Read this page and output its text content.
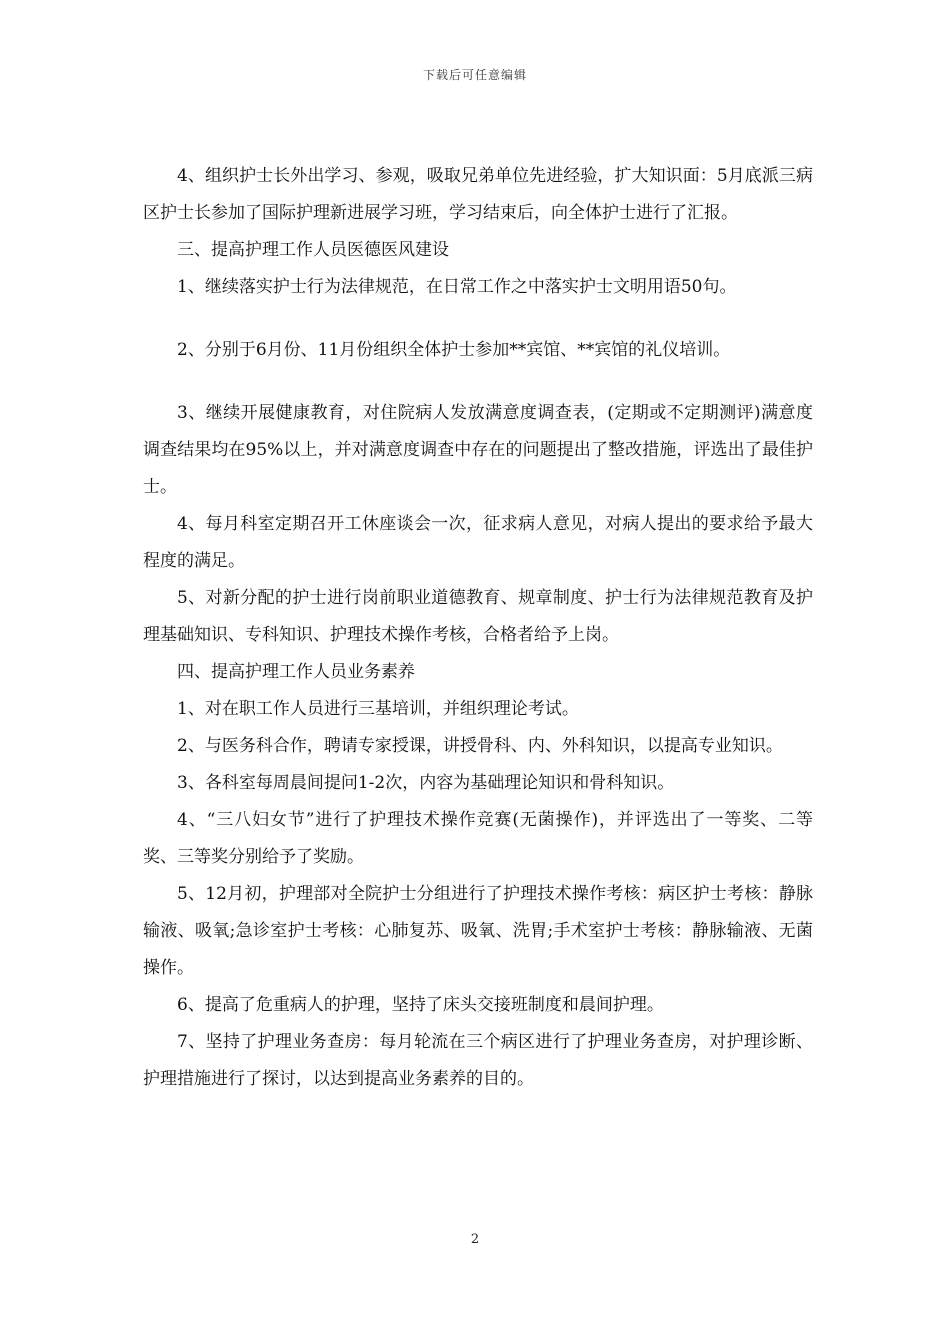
下载后可任意编辑

4、组织护士长外出学习、参观，吸取兄弟单位先进经验，扩大知识面：5月底派三病区护士长参加了国际护理新进展学习班，学习结束后，向全体护士进行了汇报。

三、提高护理工作人员医德医风建设

1、继续落实护士行为法律规范，在日常工作之中落实护士文明用语50句。

2、分别于6月份、11月份组织全体护士参加**宾馆、**宾馆的礼仪培训。

3、继续开展健康教育，对住院病人发放满意度调查表，(定期或不定期测评)满意度调查结果均在95%以上，并对满意度调查中存在的问题提出了整改措施，评选出了最佳护士。

4、每月科室定期召开工休座谈会一次，征求病人意见，对病人提出的要求给予最大程度的满足。

5、对新分配的护士进行岗前职业道德教育、规章制度、护士行为法律规范教育及护理基础知识、专科知识、护理技术操作考核，合格者给予上岗。

四、提高护理工作人员业务素养

1、对在职工作人员进行三基培训，并组织理论考试。

2、与医务科合作，聘请专家授课，讲授骨科、内、外科知识，以提高专业知识。

3、各科室每周晨间提问1-2次，内容为基础理论知识和骨科知识。

4、“三八妇女节”进行了护理技术操作竞赛(无菌操作)，并评选出了一等奖、二等奖、三等奖分别给予了奖励。

5、12月初，护理部对全院护士分组进行了护理技术操作考核：病区护士考核：静脉输液、吸氧;急诊室护士考核：心肺复苏、吸氧、洗胃;手术室护士考核：静脉输液、无菌操作。

6、提高了危重病人的护理，坚持了床头交接班制度和晨间护理。

7、坚持了护理业务查房：每月轮流在三个病区进行了护理业务查房，对护理诊断、护理措施进行了探讨，以达到提高业务素养的目的。

2
